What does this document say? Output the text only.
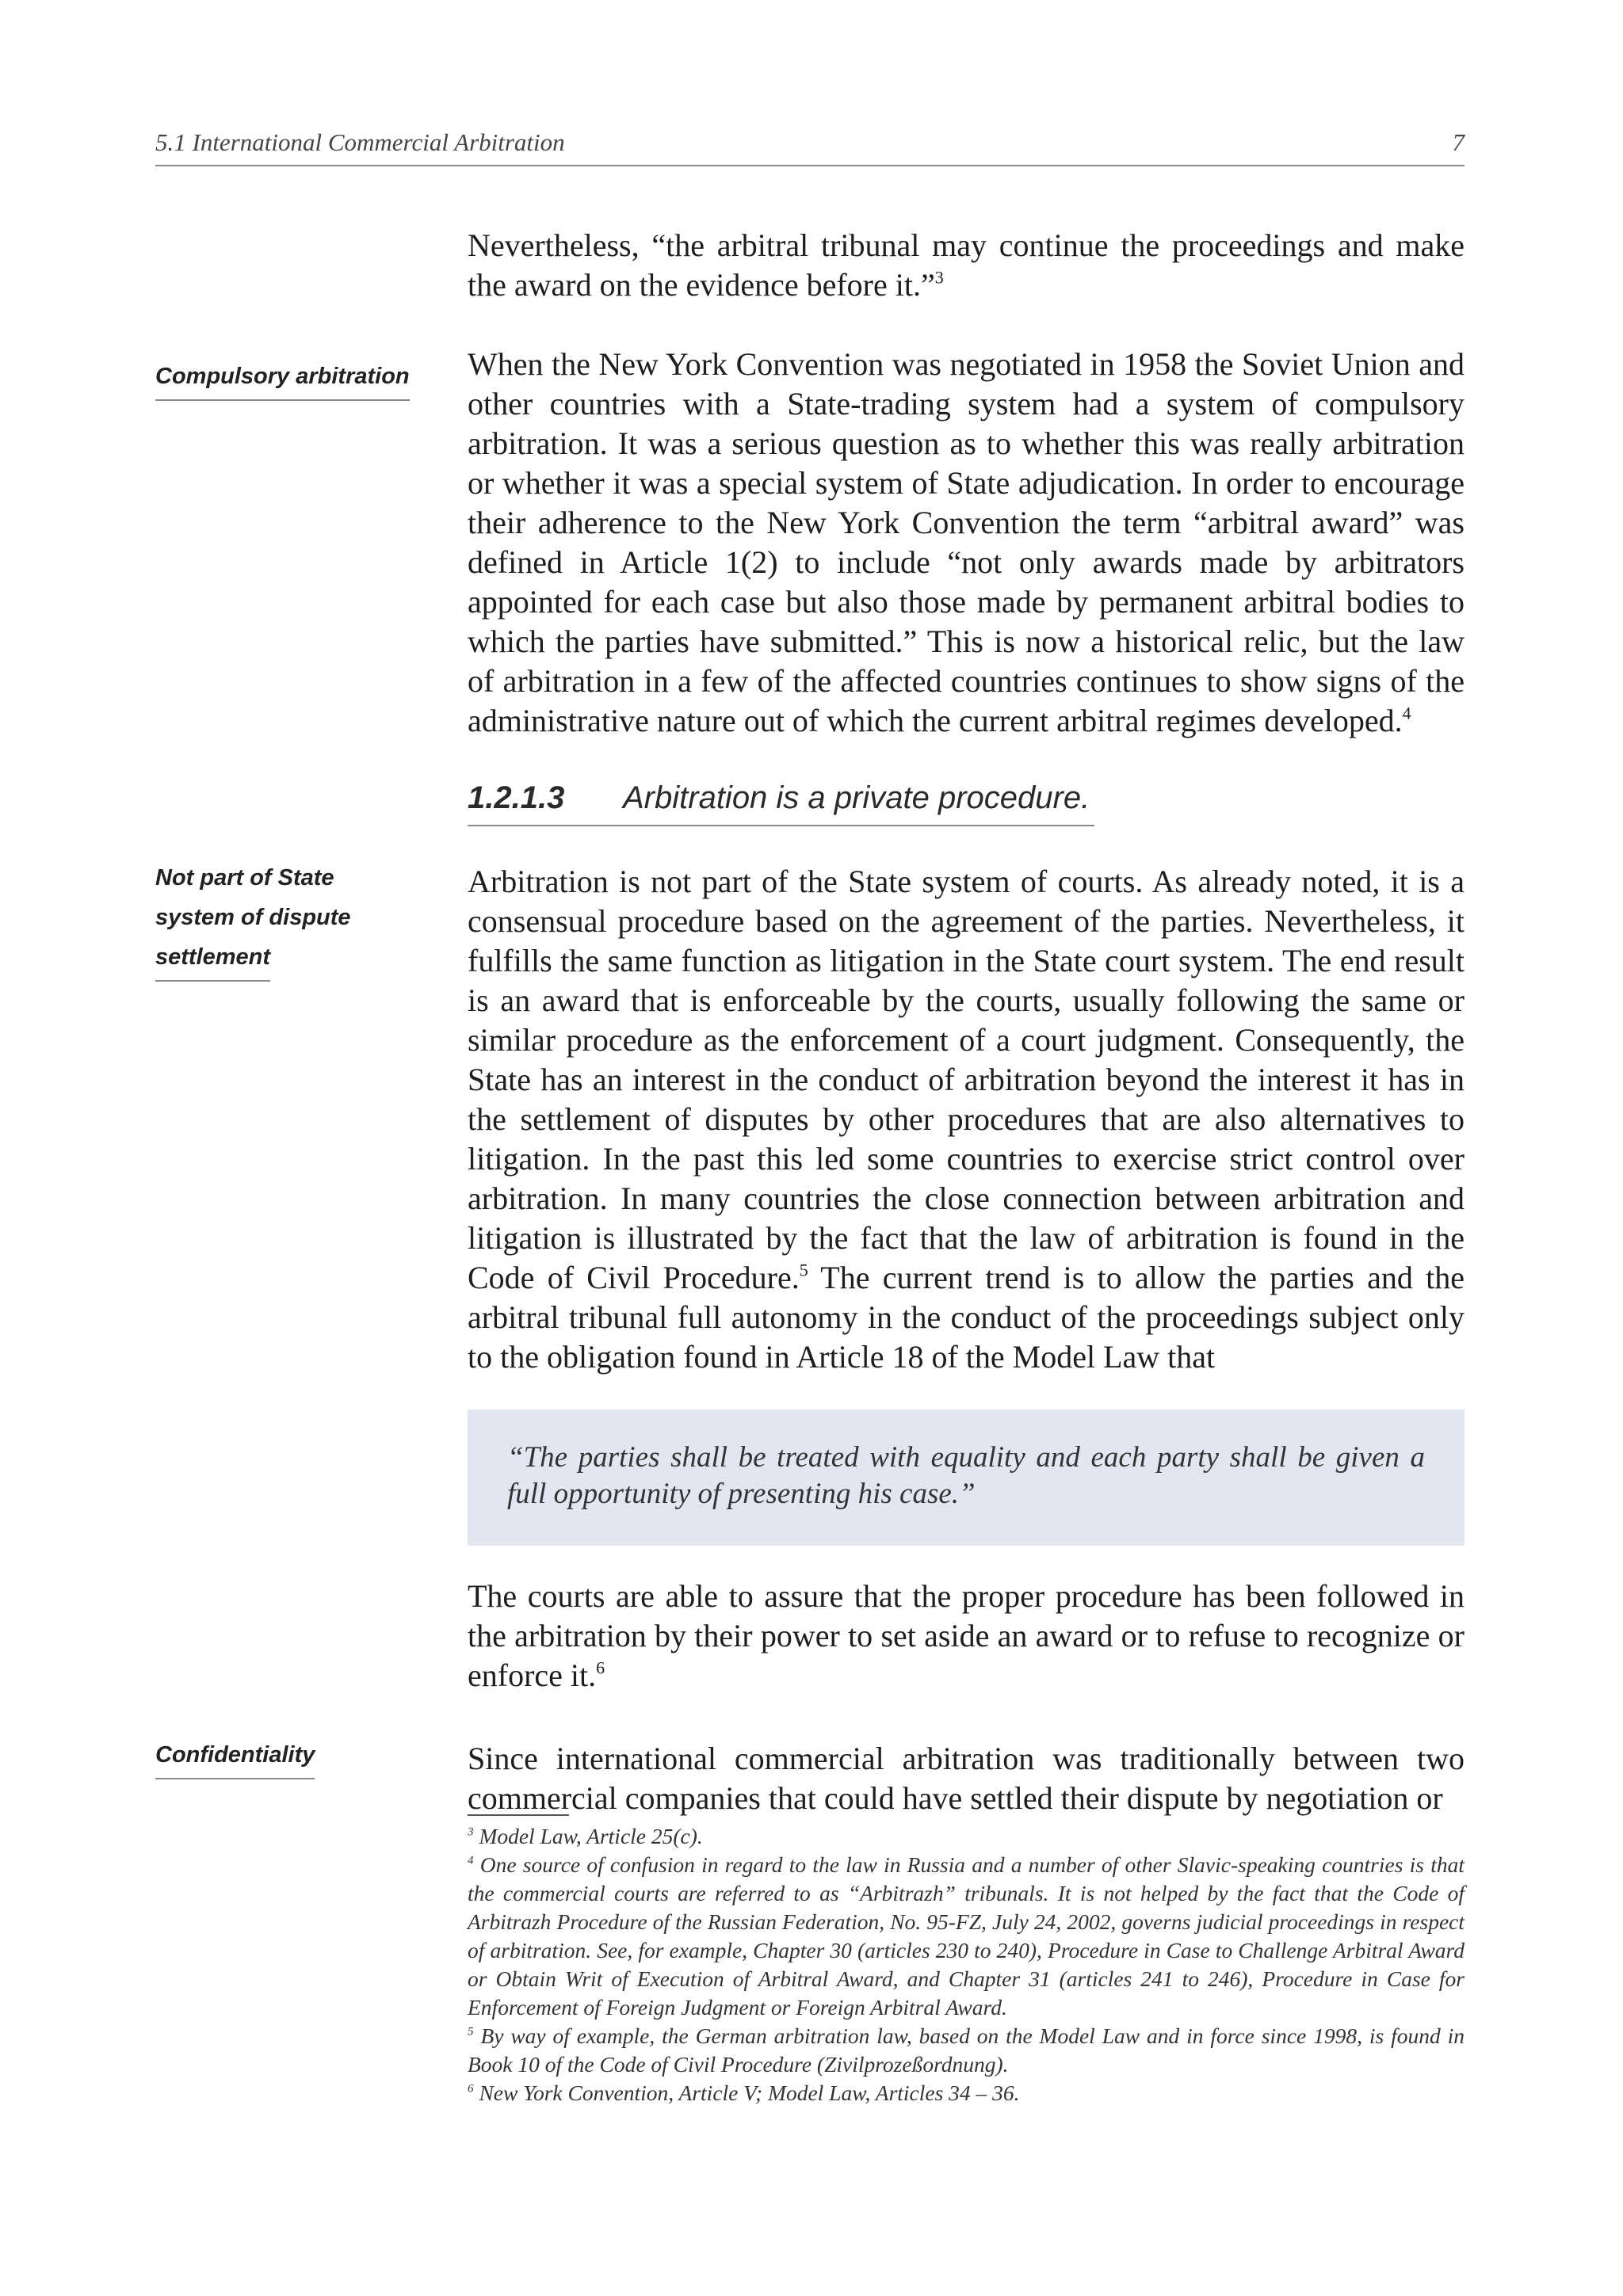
5.1 International Commercial Arbitration	7

Nevertheless, “the arbitral tribunal may continue the proceedings and make the award on the evidence before it.”$^3$

Compulsory arbitration When the New York Convention was negotiated in 1958 the Soviet Union and other countries with a State-trading system had a system of compulsory arbitration. It was a serious question as to whether this was really arbitration or whether it was a special system of State adjudication. In order to encourage their adherence to the New York Convention the term “arbitral award” was defined in Article 1(2) to include “not only awards made by arbitrators appointed for each case but also those made by permanent arbitral bodies to which the parties have submitted.” This is now a historical relic, but the law of arbitration in a few of the affected countries continues to show signs of the administrative nature out of which the current arbitral regimes developed.$^4$

1.2.1.3 Arbitration is a private procedure.
Not part of State
system of dispute
settlement

Arbitration is not part of the State system of courts. As already noted, it is a consensual procedure based on the agreement of the parties. Nevertheless, it fulfills the same function as litigation in the State court system. The end result is an award that is enforceable by the courts, usually following the same or similar procedure as the enforcement of a court judgment. Consequently, the State has an interest in the conduct of arbitration beyond the interest it has in the settlement of disputes by other procedures that are also alternatives to litigation. In the past this led some countries to exercise strict control over arbitration. In many countries the close connection between arbitration and litigation is illustrated by the fact that the law of arbitration is found in the Code of Civil Procedure.$^5$ The current trend is to allow the parties and the arbitral tribunal full autonomy in the conduct of the proceedings subject only to the obligation found in Article 18 of the Model Law that

“The parties shall be treated with equality and each party shall be given a full opportunity of presenting his case.”

The courts are able to assure that the proper procedure has been followed in the arbitration by their power to set aside an award or to refuse to recognize or enforce it.$^6$

Confidentiality	Since international commercial arbitration was traditionally between two commercial companies that could have settled their dispute by negotiation or

$^3$ Model Law, Article 25(c).

$^4$ One source of confusion in regard to the law in Russia and a number of other Slavic-speaking countries is that the commercial courts are referred to as “Arbitrazh” tribunals. It is not helped by the fact that the Code of Arbitrazh Procedure of the Russian Federation, No. 95-FZ, July 24, 2002, governs judicial proceedings in respect of arbitration. See, for example, Chapter 30 (articles 230 to 240), Procedure in Case to Challenge Arbitral Award or Obtain Writ of Execution of Arbitral Award, and Chapter 31 (articles 241 to 246), Procedure in Case for Enforcement of Foreign Judgment or Foreign Arbitral Award.

$^5$ By way of example, the German arbitration law, based on the Model Law and in force since 1998, is found in Book 10 of the Code of Civil Procedure (Zivilprozeßordnung).

$^6$ New York Convention, Article V; Model Law, Articles 34 – 36.
